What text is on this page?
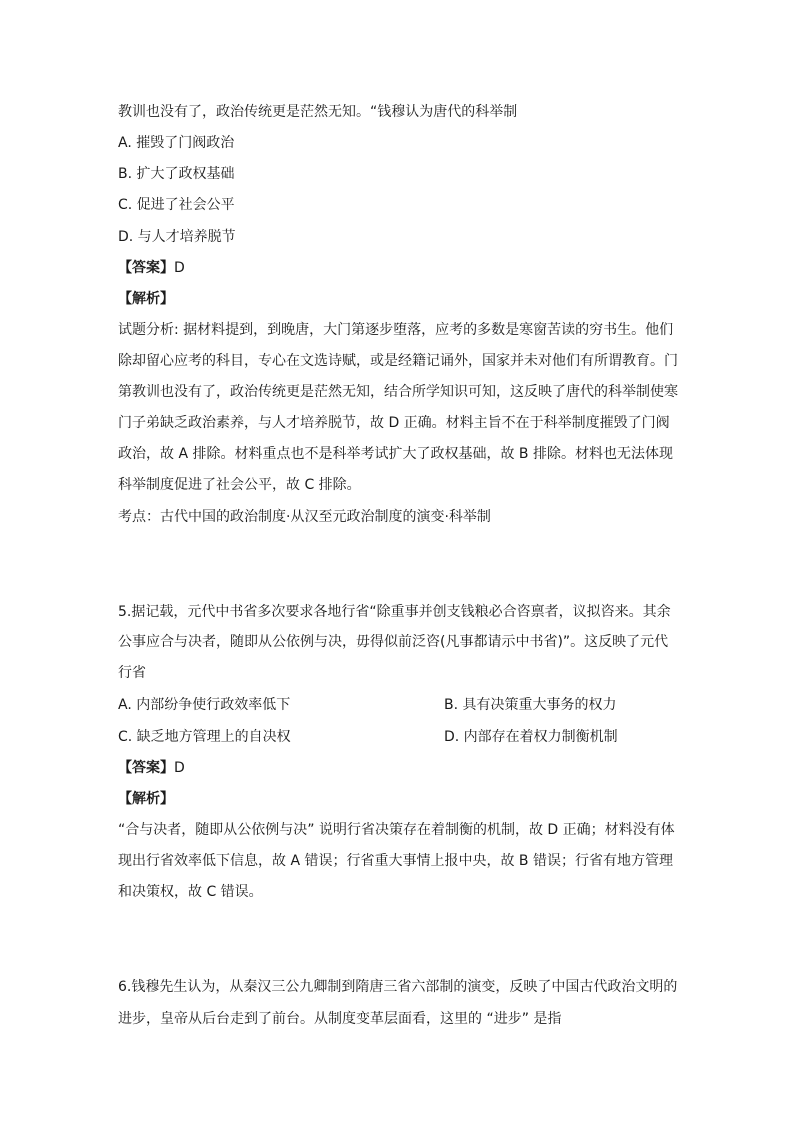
教训也没有了，政治传统更是茫然无知。“钱穆认为唐代的科举制
A. 摧毁了门阀政治
B. 扩大了政权基础
C. 促进了社会公平
D. 与人才培养脱节
【答案】D
【解析】
试题分析: 据材料提到，到晚唐，大门第逐步堕落，应考的多数是寒窗苦读的穷书生。他们
除却留心应考的科目，专心在文选诗赋，或是经籍记诵外，国家并未对他们有所谓教育。门
第教训也没有了，政治传统更是茫然无知，结合所学知识可知，这反映了唐代的科举制使寒
门子弟缺乏政治素养，与人才培养脱节，故 D 正确。材料主旨不在于科举制度摧毁了门阀
政治，故 A 排除。材料重点也不是科举考试扩大了政权基础，故 B 排除。材料也无法体现
科举制度促进了社会公平，故 C 排除。
考点：古代中国的政治制度·从汉至元政治制度的演变·科举制
5.据记载，元代中书省多次要求各地行省“除重事并创支钱粮必合咨禀者，议拟咨来。其余
公事应合与决者，随即从公依例与决，毋得似前泛咨(凡事都请示中书省)”。这反映了元代
行省
A. 内部纷争使行政效率低下	B. 具有决策重大事务的权力
C. 缺乏地方管理上的自决权	D. 内部存在着权力制衡机制
【答案】D
【解析】
“合与决者，随即从公依例与决” 说明行省决策存在着制衡的机制，故 D 正确；材料没有体
现出行省效率低下信息，故 A 错误；行省重大事情上报中央，故 B 错误；行省有地方管理
和决策权，故 C 错误。
6.钱穆先生认为，从秦汉三公九卿制到隋唐三省六部制的演变，反映了中国古代政治文明的
进步，皇帝从后台走到了前台。从制度变革层面看，这里的 “进步” 是指
